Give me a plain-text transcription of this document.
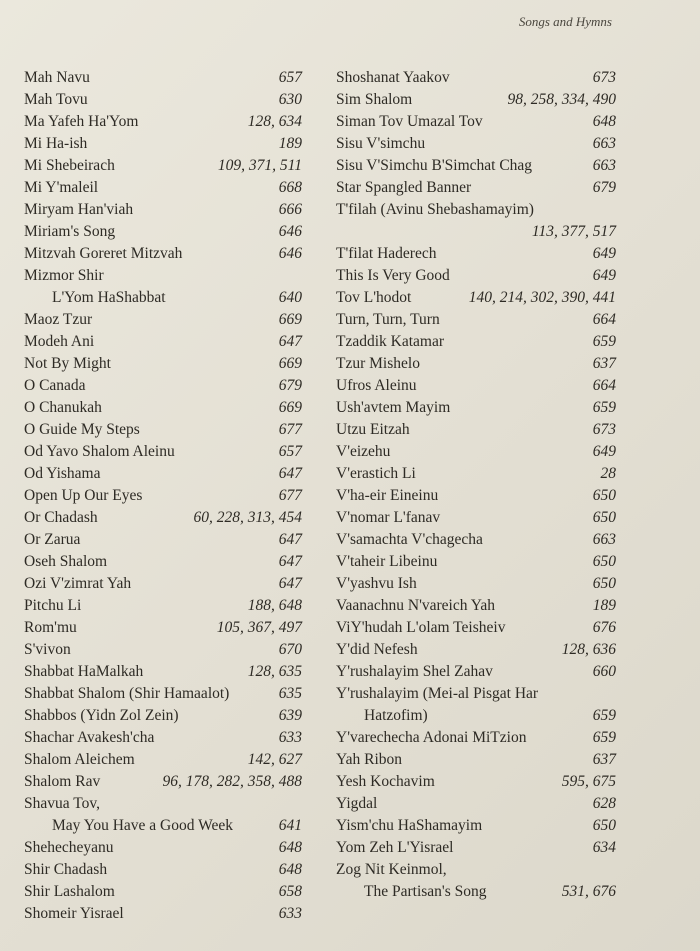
Songs and Hymns
Mah Navu	657
Mah Tovu	630
Ma Yafeh Ha'Yom	128, 634
Mi Ha-ish	189
Mi Shebeirach	109, 371, 511
Mi Y'maleil	668
Miryam Han'viah	666
Miriam's Song	646
Mitzvah Goreret Mitzvah	646
Mizmor Shir
L'Yom HaShabbat	640
Maoz Tzur	669
Modeh Ani	647
Not By Might	669
O Canada	679
O Chanukah	669
O Guide My Steps	677
Od Yavo Shalom Aleinu	657
Od Yishama	647
Open Up Our Eyes	677
Or Chadash	60, 228, 313, 454
Or Zarua	647
Oseh Shalom	647
Ozi V'zimrat Yah	647
Pitchu Li	188, 648
Rom'mu	105, 367, 497
S'vivon	670
Shabbat HaMalkah	128, 635
Shabbat Shalom (Shir Hamaalot)	635
Shabbos (Yidn Zol Zein)	639
Shachar Avakesh'cha	633
Shalom Aleichem	142, 627
Shalom Rav	96, 178, 282, 358, 488
Shavua Tov,
May You Have a Good Week	641
Shehecheyanu	648
Shir Chadash	648
Shir Lashalom	658
Shomeir Yisrael	633
Shoshanat Yaakov	673
Sim Shalom	98, 258, 334, 490
Siman Tov Umazal Tov	648
Sisu V'simchu	663
Sisu V'Simchu B'Simchat Chag	663
Star Spangled Banner	679
T'filah (Avinu Shebashamayim)
113, 377, 517
T'filat Haderech	649
This Is Very Good	649
Tov L'hodot	140, 214, 302, 390, 441
Turn, Turn, Turn	664
Tzaddik Katamar	659
Tzur Mishelo	637
Ufros Aleinu	664
Ush'avtem Mayim	659
Utzu Eitzah	673
V'eizehu	649
V'erastich Li	28
V'ha-eir Eineinu	650
V'nomar L'fanav	650
V'samachta V'chagecha	663
V'taheir Libeinu	650
V'yashvu Ish	650
Vaanachnu N'vareich Yah	189
ViY'hudah L'olam Teisheiv	676
Y'did Nefesh	128, 636
Y'rushalayim Shel Zahav	660
Y'rushalayim (Mei-al Pisgat Har
Hatzofim)	659
Y'varechecha Adonai MiTzion	659
Yah Ribon	637
Yesh Kochavim	595, 675
Yigdal	628
Yism'chu HaShamayim	650
Yom Zeh L'Yisrael	634
Zog Nit Keinmol,
The Partisan's Song	531, 676
